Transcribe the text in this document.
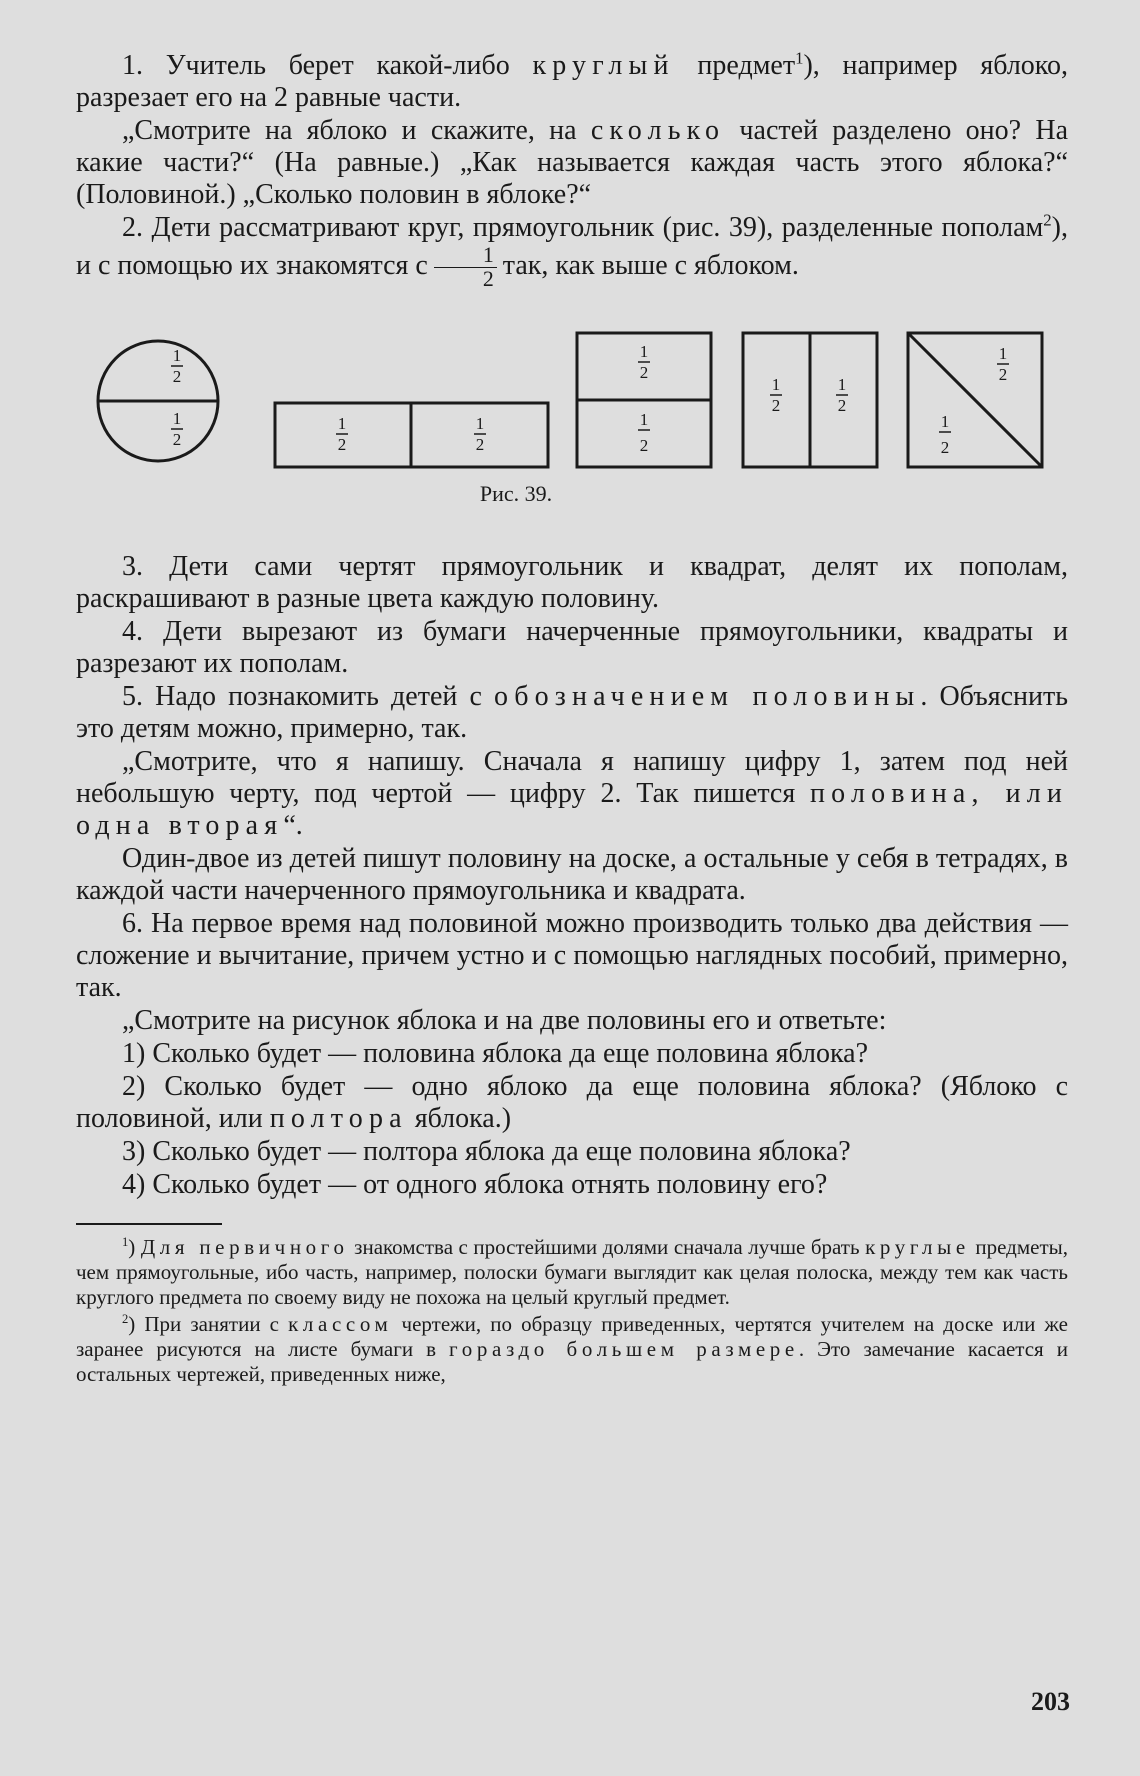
1. Учитель берет какой-либо круглый предмет$^1$), например яблоко, разрезает его на 2 равные части.

„Смотрите на яблоко и скажите, на сколько частей разделено оно? На какие части?“ (На равные.) „Как называется каждая часть этого яблока?“ (Половиной.) „Сколько половин в яблоке?“

2. Дети рассматривают круг, прямоугольник (рис. 39), разделенные пополам$^2$), и с помощью их знакомятся с $\frac{1}{2}$ так, как выше с яблоком.

1
2
1
2
1
2
1
2
1
2
1
2
1
2
1
2
1
2
1
2
Рис. 39.

3. Дети сами чертят прямоугольник и квадрат, делят их пополам, раскрашивают в разные цвета каждую половину.

4. Дети вырезают из бумаги начерченные прямоугольники, квадраты и разрезают их пополам.

5. Надо познакомить детей с обозначением половины. Объяснить это детям можно, примерно, так.

„Смотрите, что я напишу. Сначала я напишу цифру 1, затем под ней небольшую черту, под чертой — цифру 2. Так пишется половина, или одна вторая“.

Один-двое из детей пишут половину на доске, а остальные у себя в тетрадях, в каждой части начерченного прямоугольника и квадрата.

6. На первое время над половиной можно производить только два действия — сложение и вычитание, причем устно и с помощью наглядных пособий, примерно, так.

„Смотрите на рисунок яблока и на две половины его и ответьте:

1) Сколько будет — половина яблока да еще половина яблока?

2) Сколько будет — одно яблоко да еще половина яблока? (Яблоко с половиной, или полтора яблока.)

3) Сколько будет — полтора яблока да еще половина яблока?

4) Сколько будет — от одного яблока отнять половину его?

$^1$) Для первичного знакомства с простейшими долями сначала лучше брать круглые предметы, чем прямоугольные, ибо часть, например, полоски бумаги выглядит как целая полоска, между тем как часть круглого предмета по своему виду не похожа на целый круглый предмет.

$^2$) При занятии с классом чертежи, по образцу приведенных, чертятся учителем на доске или же заранее рисуются на листе бумаги в гораздо большем размере. Это замечание касается и остальных чертежей, приведенных ниже,

203
